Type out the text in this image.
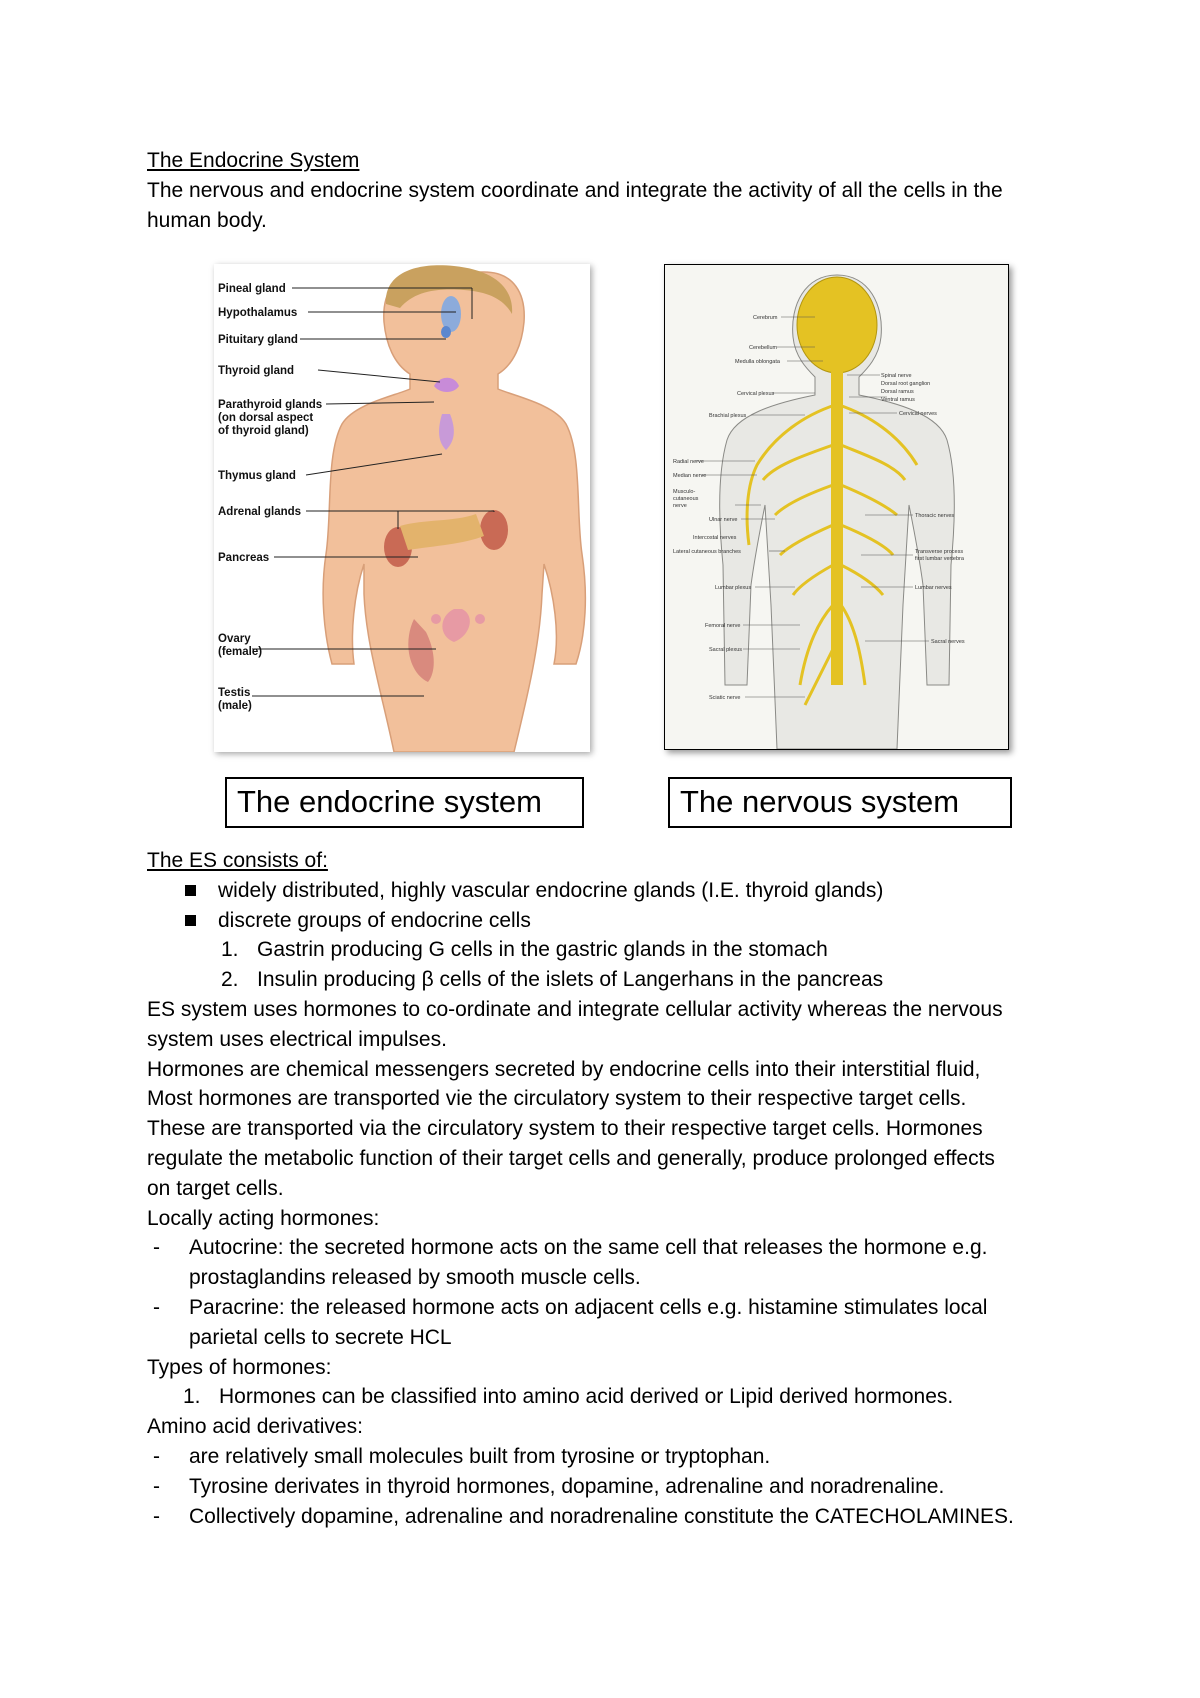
The Endocrine System
The nervous and endocrine system coordinate and integrate the activity of all the cells in the
human body.
Pineal gland
Hypothalamus
Pituitary gland
Thyroid gland
Parathyroid glands
(on dorsal aspect
of thyroid gland)
Thymus gland
Adrenal glands
Pancreas
Ovary
(female)
Testis
(male)
Cerebrum
Cerebellum
Medulla oblongata
Cervical plexus
Brachial plexus
Radial nerve
Median nerve
Musculo-
cutaneous
nerve
Ulnar nerve
Intercostal nerves
Lateral cutaneous branches
Lumbar plexus
Femoral nerve
Sacral plexus
Sciatic nerve
Spinal nerve
Dorsal root ganglion
Dorsal ramus
Ventral ramus
Cervical nerves
Thoracic nerves
Transverse process
first lumbar vertebra
Lumbar nerves
Sacral nerves
The endocrine system	The nervous system
The ES consists of:
widely distributed, highly vascular endocrine glands (I.E. thyroid glands)
discrete groups of endocrine cells
1. Gastrin producing G cells in the gastric glands in the stomach
2. Insulin producing β cells of the islets of Langerhans in the pancreas
ES system uses hormones to co-ordinate and integrate cellular activity whereas the nervous
system uses electrical impulses.
Hormones are chemical messengers secreted by endocrine cells into their interstitial fluid,
Most hormones are transported vie the circulatory system to their respective target cells.
These are transported via the circulatory system to their respective target cells. Hormones
regulate the metabolic function of their target cells and generally, produce prolonged effects
on target cells.
Locally acting hormones:
- Autocrine: the secreted hormone acts on the same cell that releases the hormone e.g.
prostaglandins released by smooth muscle cells.
- Paracrine: the released hormone acts on adjacent cells e.g. histamine stimulates local
parietal cells to secrete HCL
Types of hormones:
1. Hormones can be classified into amino acid derived or Lipid derived hormones.
Amino acid derivatives:
- are relatively small molecules built from tyrosine or tryptophan.
- Tyrosine derivates in thyroid hormones, dopamine, adrenaline and noradrenaline.
- Collectively dopamine, adrenaline and noradrenaline constitute the CATECHOLAMINES.
